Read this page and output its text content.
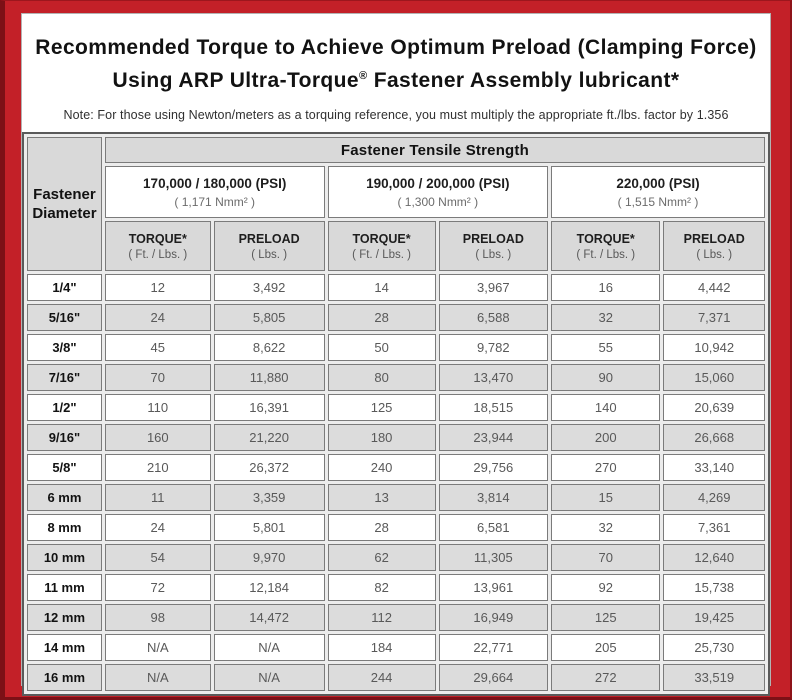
Recommended Torque to Achieve Optimum Preload (Clamping Force)
Using ARP Ultra-Torque® Fastener Assembly lubricant*

Note: For those using Newton/meters as a torquing reference, you must multiply the appropriate ft./lbs. factor by 1.356

Fastener
Diameter	Fastener Tensile Strength					

170,000 / 180,000 (PSI)
( 1,171 Nmm² )

190,000 / 200,000 (PSI)
( 1,300 Nmm² )

220,000 (PSI)
( 1,515 Nmm² )

TORQUE*
( Ft. / Lbs. )

PRELOAD
( Lbs. )

TORQUE*
( Ft. / Lbs. )

PRELOAD
( Lbs. )

TORQUE*
( Ft. / Lbs. )

PRELOAD
( Lbs. )

1/4"	12	3,492	14	3,967	16	4,442
5/16"	24	5,805	28	6,588	32	7,371
3/8"	45	8,622	50	9,782	55	10,942
7/16"	70	11,880	80	13,470	90	15,060
1/2"	110	16,391	125	18,515	140	20,639
9/16"	160	21,220	180	23,944	200	26,668
5/8"	210	26,372	240	29,756	270	33,140
6 mm	11	3,359	13	3,814	15	4,269
8 mm	24	5,801	28	6,581	32	7,361
10 mm	54	9,970	62	11,305	70	12,640
11 mm	72	12,184	82	13,961	92	15,738
12 mm	98	14,472	112	16,949	125	19,425
14 mm	N/A	N/A	184	22,771	205	25,730
16 mm	N/A	N/A	244	29,664	272	33,519
